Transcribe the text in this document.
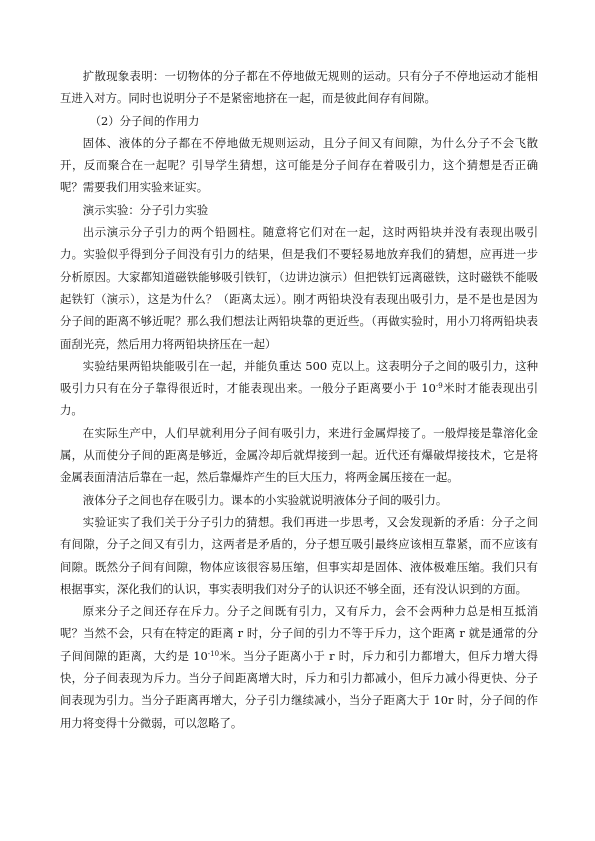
扩散现象表明：一切物体的分子都在不停地做无规则的运动。只有分子不停地运动才能相互进入对方。同时也说明分子不是紧密地挤在一起，而是彼此间存有间隙。

（2）分子间的作用力

固体、液体的分子都在不停地做无规则运动，且分子间又有间隙，为什么分子不会飞散开，反而聚合在一起呢？引导学生猜想，这可能是分子间存在着吸引力，这个猜想是否正确呢？需要我们用实验来证实。

演示实验：分子引力实验

出示演示分子引力的两个铅圆柱。随意将它们对在一起，这时两铅块并没有表现出吸引力。实验似乎得到分子间没有引力的结果，但是我们不要轻易地放弃我们的猜想，应再进一步分析原因。大家都知道磁铁能够吸引铁钉，（边讲边演示）但把铁钉远离磁铁，这时磁铁不能吸起铁钉（演示），这是为什么？（距离太远）。刚才两铅块没有表现出吸引力，是不是也是因为分子间的距离不够近呢？那么我们想法让两铅块靠的更近些。（再做实验时，用小刀将两铅块表面刮光亮，然后用力将两铅块挤压在一起）

实验结果两铅块能吸引在一起，并能负重达 500 克以上。这表明分子之间的吸引力，这种吸引力只有在分子靠得很近时，才能表现出来。一般分子距离要小于 $10^{-9}$米时才能表现出引力。

在实际生产中，人们早就利用分子间有吸引力，来进行金属焊接了。一般焊接是靠溶化金属，从而使分子间的距离是够近，金属冷却后就焊接到一起。近代还有爆破焊接技术，它是将金属表面清洁后靠在一起，然后靠爆炸产生的巨大压力，将两金属压接在一起。

液体分子之间也存在吸引力。课本的小实验就说明液体分子间的吸引力。

实验证实了我们关于分子引力的猜想。我们再进一步思考，又会发现新的矛盾：分子之间有间隙，分子之间又有引力，这两者是矛盾的，分子想互吸引最终应该相互靠紧，而不应该有间隙。既然分子间有间隙，物体应该很容易压缩，但事实却是固体、液体极难压缩。我们只有根据事实，深化我们的认识，事实表明我们对分子的认识还不够全面，还有没认识到的方面。

原来分子之间还存在斥力。分子之间既有引力，又有斥力，会不会两种力总是相互抵消呢？当然不会，只有在特定的距离 r 时，分子间的引力不等于斥力，这个距离 r 就是通常的分子间间隙的距离，大约是 $10^{-10}$米。当分子距离小于 r 时，斥力和引力都增大，但斥力增大得快，分子间表现为斥力。当分子间距离增大时，斥力和引力都减小，但斥力减小得更快、分子间表现为引力。当分子距离再增大，分子引力继续减小，当分子距离大于 10r 时，分子间的作用力将变得十分微弱，可以忽略了。
